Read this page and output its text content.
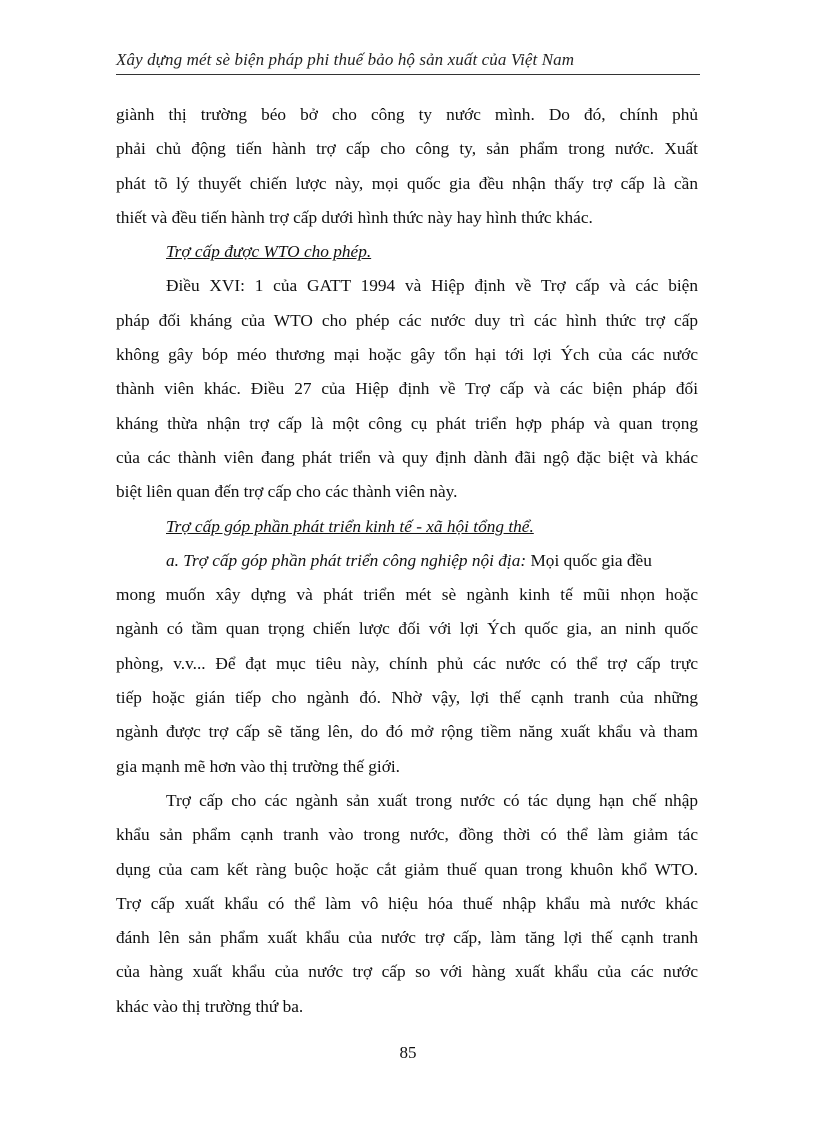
Xây dựng mét sè biện pháp phi thuế bảo hộ sản xuất của Việt Nam
giành thị trường béo bở cho công ty nước mình. Do đó, chính phủ
phải chủ động tiến hành trợ cấp cho công ty, sản phẩm trong nước. Xuất
phát tõ lý thuyết chiến lược này, mọi quốc gia đều nhận thấy trợ cấp là cần
thiết và đều tiến hành trợ cấp dưới hình thức này hay hình thức khác.
Trợ cấp được WTO cho phép.
Điều XVI: 1 của GATT 1994 và Hiệp định về Trợ cấp và các biện
pháp đối kháng của WTO cho phép các nước duy trì các hình thức trợ cấp
không gây bóp méo thương mại hoặc gây tổn hại tới lợi Ých của các nước
thành viên khác. Điều 27 của Hiệp định về Trợ cấp và các biện pháp đối
kháng thừa nhận trợ cấp là một công cụ phát triển hợp pháp và quan trọng
của các thành viên đang phát triển và quy định dành đãi ngộ đặc biệt và khác
biệt liên quan đến trợ cấp cho các thành viên này.
Trợ cấp góp phần phát triển kinh tế - xã hội tổng thể.
a. Trợ cấp góp phần phát triển công nghiệp nội địa: Mọi quốc gia đều
mong muốn xây dựng và phát triển mét sè ngành kinh tế mũi nhọn hoặc
ngành có tầm quan trọng chiến lược đối với lợi Ých quốc gia, an ninh quốc
phòng, v.v... Để đạt mục tiêu này, chính phủ các nước có thể trợ cấp trực
tiếp hoặc gián tiếp cho ngành đó. Nhờ vậy, lợi thế cạnh tranh của những
ngành được trợ cấp sẽ tăng lên, do đó mở rộng tiềm năng xuất khẩu và tham
gia mạnh mẽ hơn vào thị trường thế giới.
Trợ cấp cho các ngành sản xuất trong nước có tác dụng hạn chế nhập
khẩu sản phẩm cạnh tranh vào trong nước, đồng thời có thể làm giảm tác
dụng của cam kết ràng buộc hoặc cắt giảm thuế quan trong khuôn khổ WTO.
Trợ cấp xuất khẩu có thể làm vô hiệu hóa thuế nhập khẩu mà nước khác
đánh lên sản phẩm xuất khẩu của nước trợ cấp, làm tăng lợi thế cạnh tranh
của hàng xuất khẩu của nước trợ cấp so với hàng xuất khẩu của các nước
khác vào thị trường thứ ba.
85
